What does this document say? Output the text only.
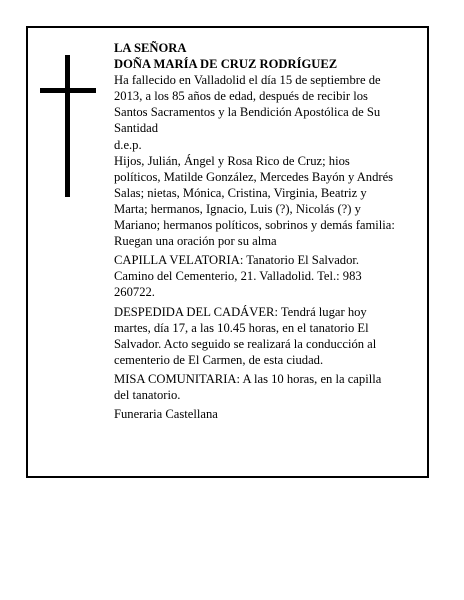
LA SEÑORA
DOÑA MARÍA DE CRUZ RODRÍGUEZ
Ha fallecido en Valladolid el día 15 de septiembre de
2013, a los 85 años de edad, después de recibir los
Santos Sacramentos y la Bendición Apostólica de Su
Santidad
d.e.p.
Hijos, Julián, Ángel y Rosa Rico de Cruz; hios
políticos, Matilde González, Mercedes Bayón y Andrés
Salas; nietas, Mónica, Cristina, Virginia, Beatriz y
Marta; hermanos, Ignacio, Luis (?), Nicolás (?) y
Mariano; hermanos políticos, sobrinos y demás familia:
Ruegan una oración por su alma
CAPILLA VELATORIA: Tanatorio El Salvador.
Camino del Cementerio, 21. Valladolid. Tel.: 983
260722.
DESPEDIDA DEL CADÁVER: Tendrá lugar hoy
martes, día 17, a las 10.45 horas, en el tanatorio El
Salvador. Acto seguido se realizará la conducción al
cementerio de El Carmen, de esta ciudad.
MISA COMUNITARIA: A las 10 horas, en la capilla
del tanatorio.
Funeraria Castellana
